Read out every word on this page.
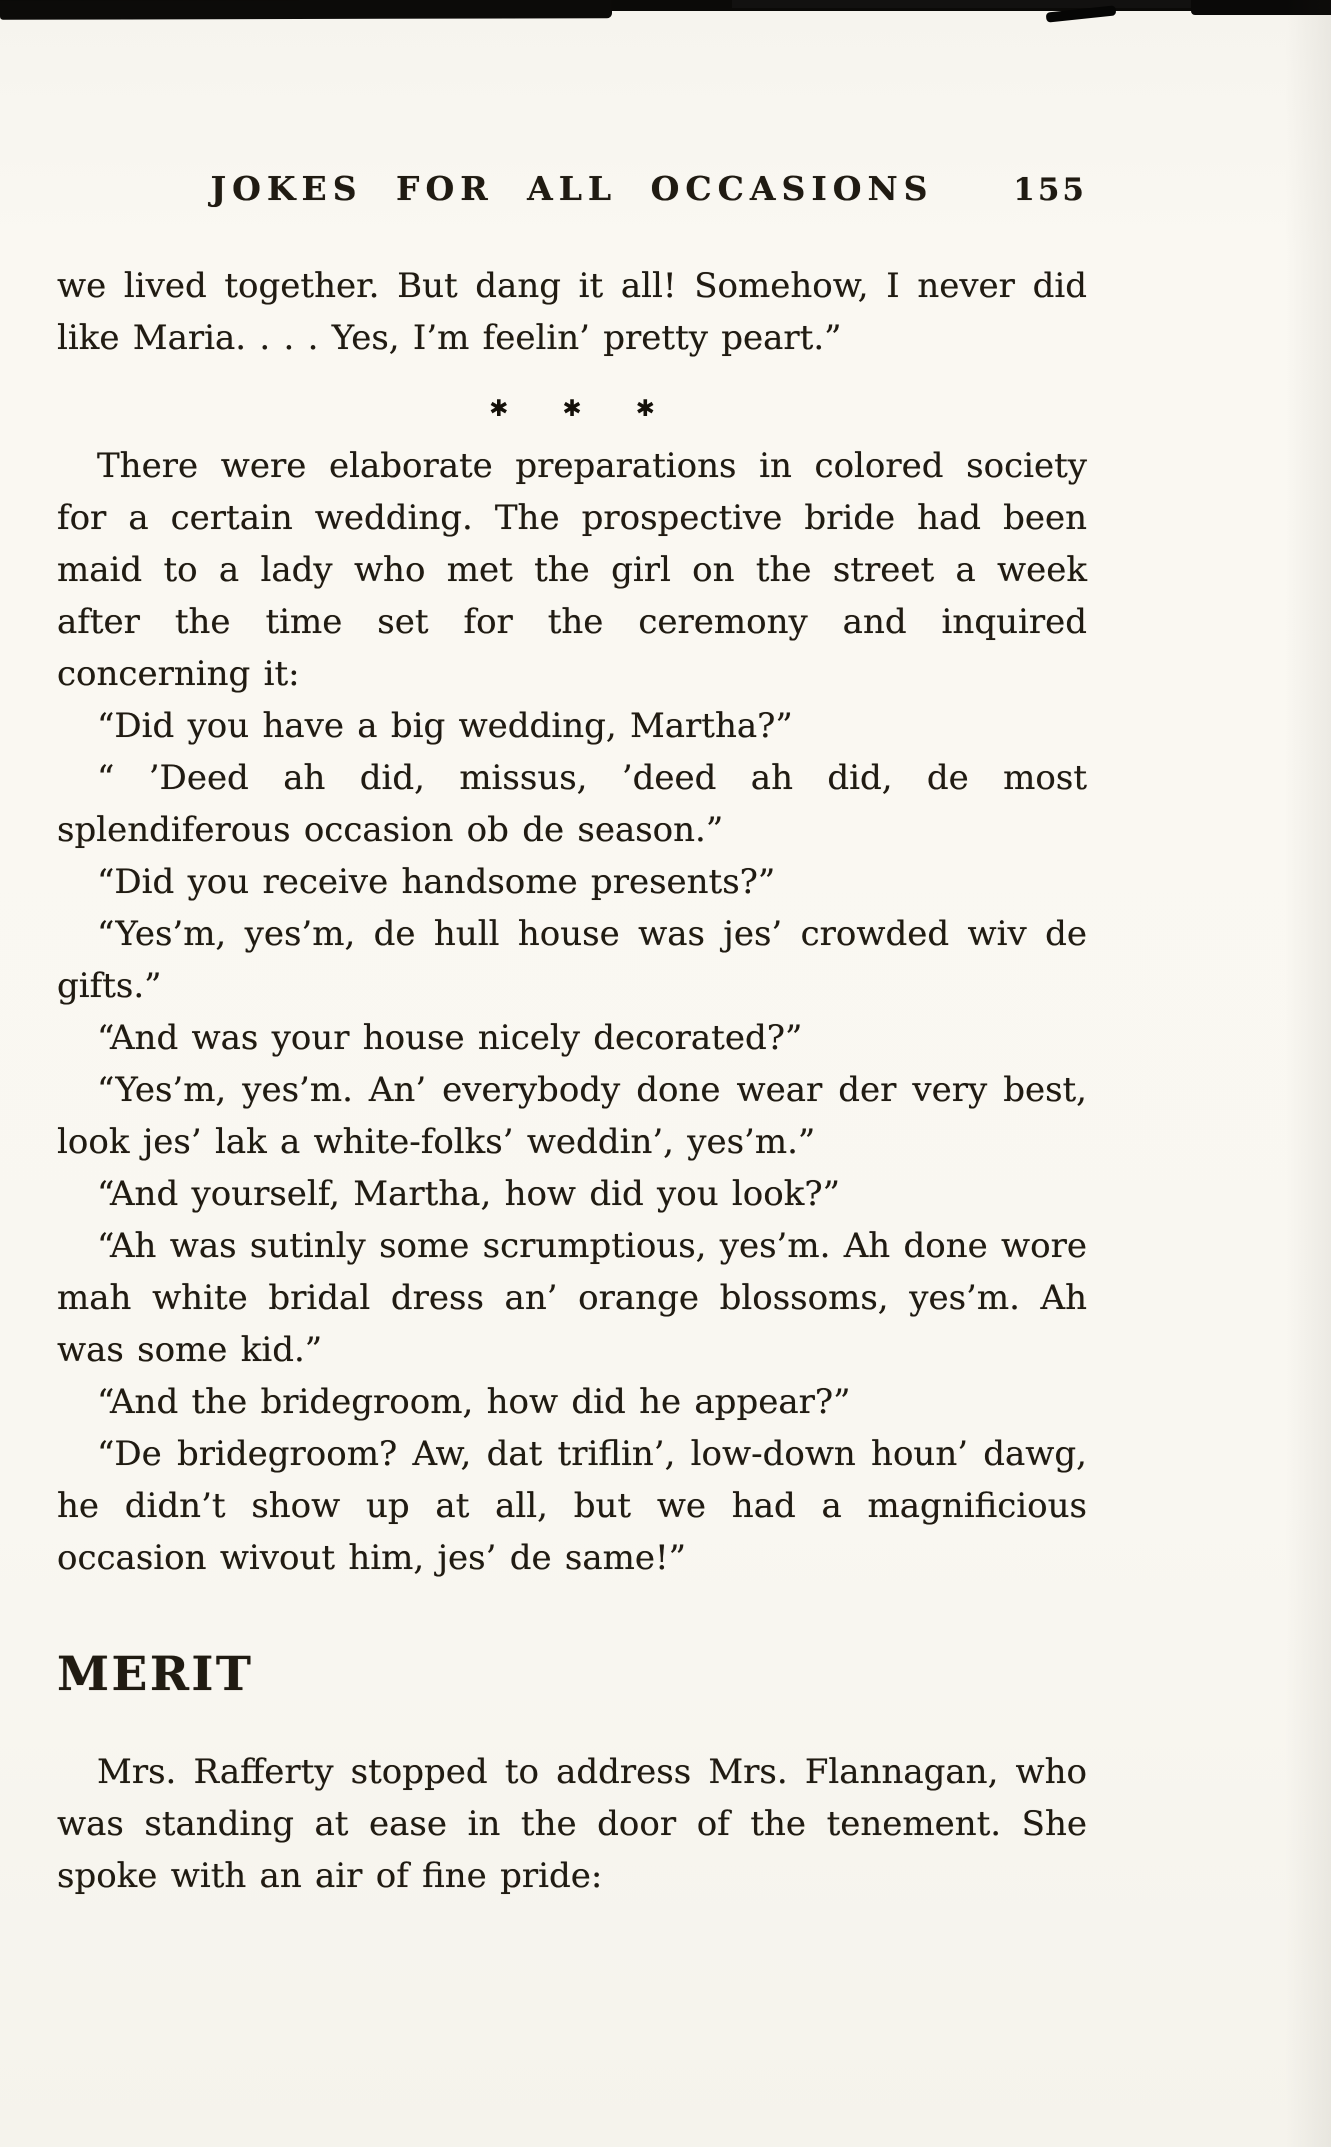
JOKES FOR ALL OCCASIONS	155

we lived together. But dang it all! Somehow, I never did like Maria. . . . Yes, I’m feelin’ pretty peart.”

✱ ✱ ✱

There were elaborate preparations in colored society for a certain wedding. The prospective bride had been maid to a lady who met the girl on the street a week after the time set for the ceremony and inquired concerning it:

“Did you have a big wedding, Martha?”

“ ’Deed ah did, missus, ’deed ah did, de most splendiferous occasion ob de season.”

“Did you receive handsome presents?”

“Yes’m, yes’m, de hull house was jes’ crowded wiv de gifts.”

“And was your house nicely decorated?”

“Yes’m, yes’m. An’ everybody done wear der very best, look jes’ lak a white-folks’ weddin’, yes’m.”

“And yourself, Martha, how did you look?”

“Ah was sutinly some scrumptious, yes’m. Ah done wore mah white bridal dress an’ orange blossoms, yes’m. Ah was some kid.”

“And the bridegroom, how did he appear?”

“De bridegroom? Aw, dat triflin’, low-down houn’ dawg, he didn’t show up at all, but we had a magnificious occasion wivout him, jes’ de same!”

MERIT

Mrs. Rafferty stopped to address Mrs. Flannagan, who was standing at ease in the door of the tenement. She spoke with an air of fine pride:
